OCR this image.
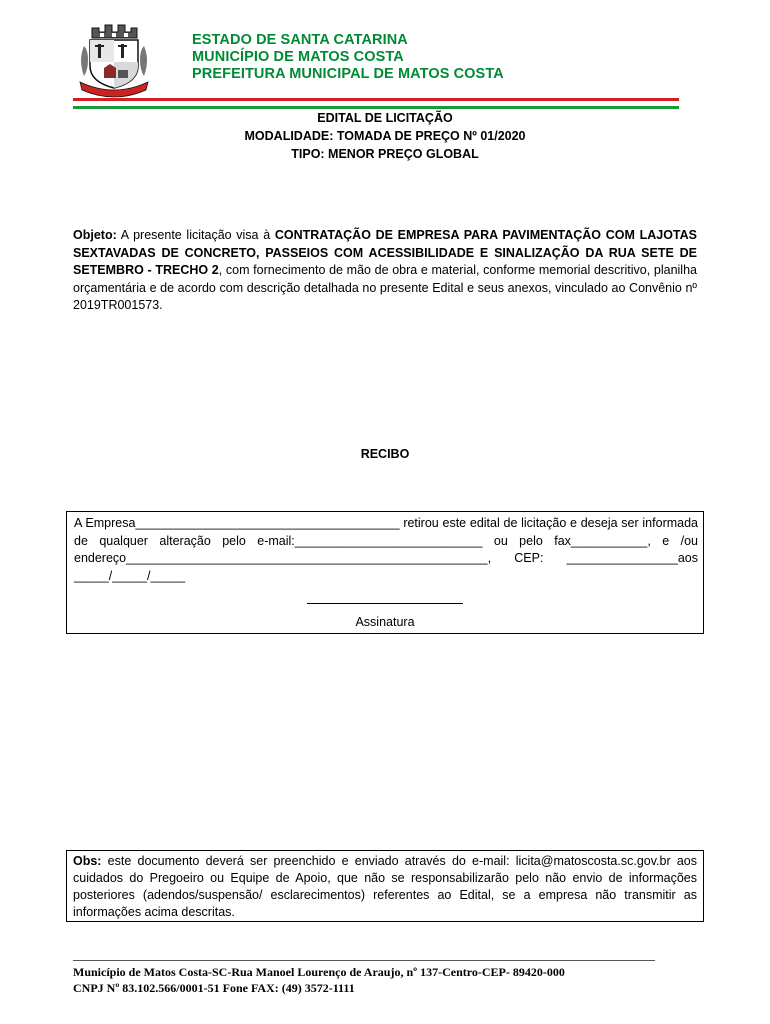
ESTADO DE SANTA CATARINA
MUNICÍPIO DE MATOS COSTA
PREFEITURA MUNICIPAL DE MATOS COSTA
EDITAL DE LICITAÇÃO
MODALIDADE: TOMADA DE PREÇO Nº 01/2020
TIPO: MENOR PREÇO GLOBAL
Objeto: A presente licitação visa à CONTRATAÇÃO DE EMPRESA PARA PAVIMENTAÇÃO COM LAJOTAS SEXTAVADAS DE CONCRETO, PASSEIOS COM ACESSIBILIDADE E SINALIZAÇÃO DA RUA SETE DE SETEMBRO - TRECHO 2, com fornecimento de mão de obra e material, conforme memorial descritivo, planilha orçamentária e de acordo com descrição detalhada no presente Edital e seus anexos, vinculado ao Convênio nº 2019TR001573.
RECIBO
A Empresa______________________________________ retirou este edital de licitação e deseja ser informada de qualquer alteração pelo e-mail:___________________________ ou pelo fax___________, e /ou endereço____________________________________________________, CEP: ________________aos _____/_____/_____
Assinatura
Obs: este documento deverá ser preenchido e enviado através do e-mail: licita@matoscosta.sc.gov.br aos cuidados do Pregoeiro ou Equipe de Apoio, que não se responsabilizarão pelo não envio de informações posteriores (adendos/suspensão/ esclarecimentos) referentes ao Edital, se a empresa não transmitir as informações acima descritas.
Município de Matos Costa-SC-Rua Manoel Lourenço de Araujo, nº 137-Centro-CEP- 89420-000
CNPJ Nº 83.102.566/0001-51 Fone FAX: (49) 3572-1111
